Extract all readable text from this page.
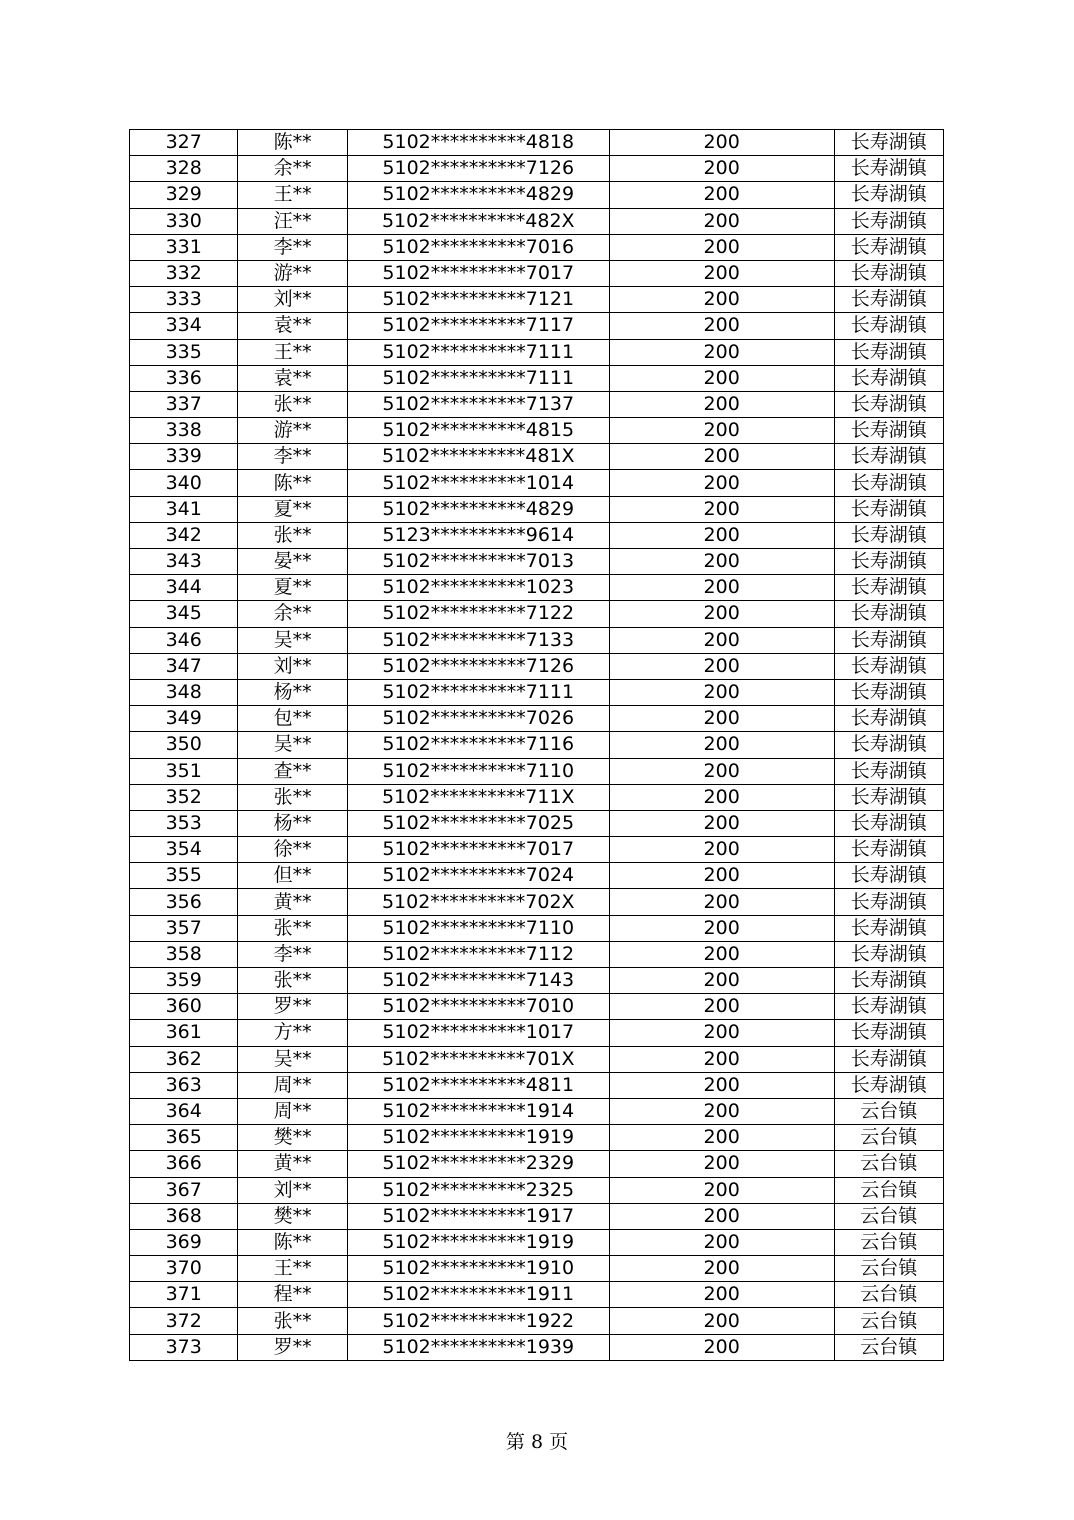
327	陈**	5102**********4818	200	长寿湖镇
328	余**	5102**********7126	200	长寿湖镇
329	王**	5102**********4829	200	长寿湖镇
330	汪**	5102**********482X	200	长寿湖镇
331	李**	5102**********7016	200	长寿湖镇
332	游**	5102**********7017	200	长寿湖镇
333	刘**	5102**********7121	200	长寿湖镇
334	袁**	5102**********7117	200	长寿湖镇
335	王**	5102**********7111	200	长寿湖镇
336	袁**	5102**********7111	200	长寿湖镇
337	张**	5102**********7137	200	长寿湖镇
338	游**	5102**********4815	200	长寿湖镇
339	李**	5102**********481X	200	长寿湖镇
340	陈**	5102**********1014	200	长寿湖镇
341	夏**	5102**********4829	200	长寿湖镇
342	张**	5123**********9614	200	长寿湖镇
343	晏**	5102**********7013	200	长寿湖镇
344	夏**	5102**********1023	200	长寿湖镇
345	余**	5102**********7122	200	长寿湖镇
346	吴**	5102**********7133	200	长寿湖镇
347	刘**	5102**********7126	200	长寿湖镇
348	杨**	5102**********7111	200	长寿湖镇
349	包**	5102**********7026	200	长寿湖镇
350	吴**	5102**********7116	200	长寿湖镇
351	查**	5102**********7110	200	长寿湖镇
352	张**	5102**********711X	200	长寿湖镇
353	杨**	5102**********7025	200	长寿湖镇
354	徐**	5102**********7017	200	长寿湖镇
355	但**	5102**********7024	200	长寿湖镇
356	黄**	5102**********702X	200	长寿湖镇
357	张**	5102**********7110	200	长寿湖镇
358	李**	5102**********7112	200	长寿湖镇
359	张**	5102**********7143	200	长寿湖镇
360	罗**	5102**********7010	200	长寿湖镇
361	方**	5102**********1017	200	长寿湖镇
362	吴**	5102**********701X	200	长寿湖镇
363	周**	5102**********4811	200	长寿湖镇
364	周**	5102**********1914	200	云台镇
365	樊**	5102**********1919	200	云台镇
366	黄**	5102**********2329	200	云台镇
367	刘**	5102**********2325	200	云台镇
368	樊**	5102**********1917	200	云台镇
369	陈**	5102**********1919	200	云台镇
370	王**	5102**********1910	200	云台镇
371	程**	5102**********1911	200	云台镇
372	张**	5102**********1922	200	云台镇
373	罗**	5102**********1939	200	云台镇
第 8 页
